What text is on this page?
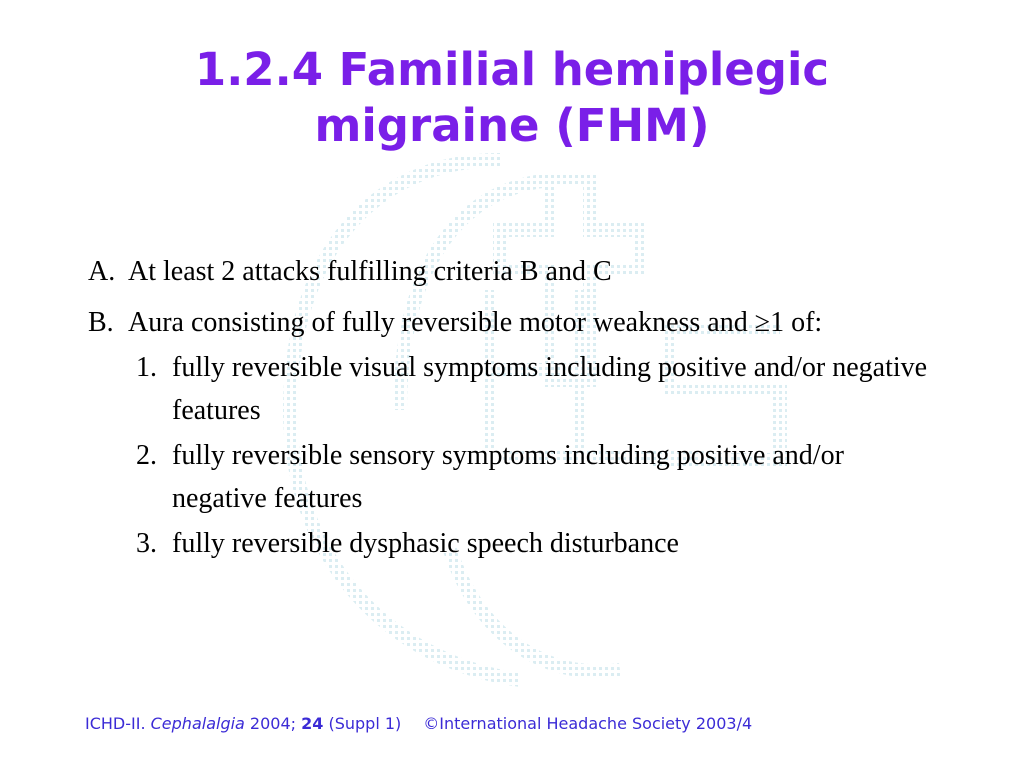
1.2.4 Familial hemiplegic
migraine (FHM)
A. At least 2 attacks fulfilling criteria B and C
B. Aura consisting of fully reversible motor weakness and ≥1 of:
1. fully reversible visual symptoms including positive and/or negative features
2. fully reversible sensory symptoms including positive and/or negative features
3. fully reversible dysphasic speech disturbance
ICHD-II. Cephalalgia 2004; 24 (Suppl 1) ©International Headache Society 2003/4
